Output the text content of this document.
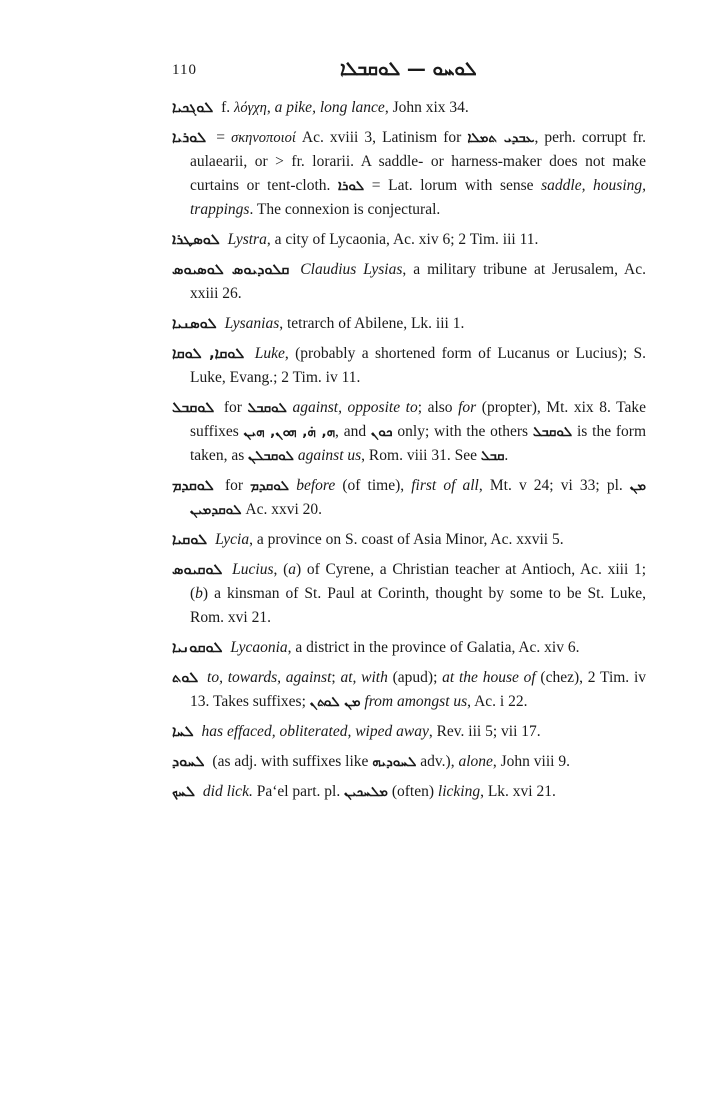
110	ܠܘܚܘ — ܠܘܩܒܠܐ
ܠܘܓܟܝܐ f. λόγχη, a pike, long lance, John xix 34.
ܠܘܪܝܐ = σκηνοποιοί Ac. xviii 3, Latinism for ܥܒܕܝ ܬܡܠܐ, perh. corrupt fr. aulaearii, or > fr. lorarii. A saddle- or harness-maker does not make curtains or tent-cloth. ܠܘܪܐ = Lat. lorum with sense saddle, housing, trappings. The connexion is conjectural.
ܠܘܣܛܪܐ Lystra, a city of Lycaonia, Ac. xiv 6; 2 Tim. iii 11.
ܩܠܘܕܝܘܣ ܠܘܣܝܘܣ Claudius Lysias, a military tribune at Jerusalem, Ac. xxiii 26.
ܠܘܣܢܝܐ Lysanias, tetrarch of Abilene, Lk. iii 1.
ܠܘܩܐ, ܠܘܩܐ Luke, (probably a shortened form of Lucanus or Lucius); S. Luke, Evang.; 2 Tim. iv 11.
ܠܘܩܒܠ for ܠܘܩܒܠ against, opposite to; also for (propter), Mt. xix 8. Take suffixes ܗ, ܗ̇, ܗܘܢ, ܗܝܢ, and ܟܘܢ only; with the others ܠܘܩܒܠ is the form taken, as ܠܘܩܒܠܢ against us, Rom. viii 31. See ܩܒܠ.
ܠܘܩܕܡ for ܠܘܩܕܡ before (of time), first of all, Mt. v 24; vi 33; pl. ܡܢ ܠܘܩܕܡܝܢ Ac. xxvi 20.
ܠܘܩܝܐ Lycia, a province on S. coast of Asia Minor, Ac. xxvii 5.
ܠܘܩܝܘܣ Lucius, (a) of Cyrene, a Christian teacher at Antioch, Ac. xiii 1; (b) a kinsman of St. Paul at Corinth, thought by some to be St. Luke, Rom. xvi 21.
ܠܘܩܘܢܝܐ Lycaonia, a district in the province of Galatia, Ac. xiv 6.
ܠܘܬ to, towards, against; at, with (apud); at the house of (chez), 2 Tim. iv 13. Takes suffixes; ܡܢ ܠܘܬܢ from amongst us, Ac. i 22.
ܠܚܐ has effaced, obliterated, wiped away, Rev. iii 5; vii 17.
ܠܚܘܕ (as adj. with suffixes like ܠܚܘܕܝܗ adv.), alone, John viii 9.
ܠܚܟ did lick. Pa‘el part. pl. ܡܠܚܟܝܢ (often) licking, Lk. xvi 21.
